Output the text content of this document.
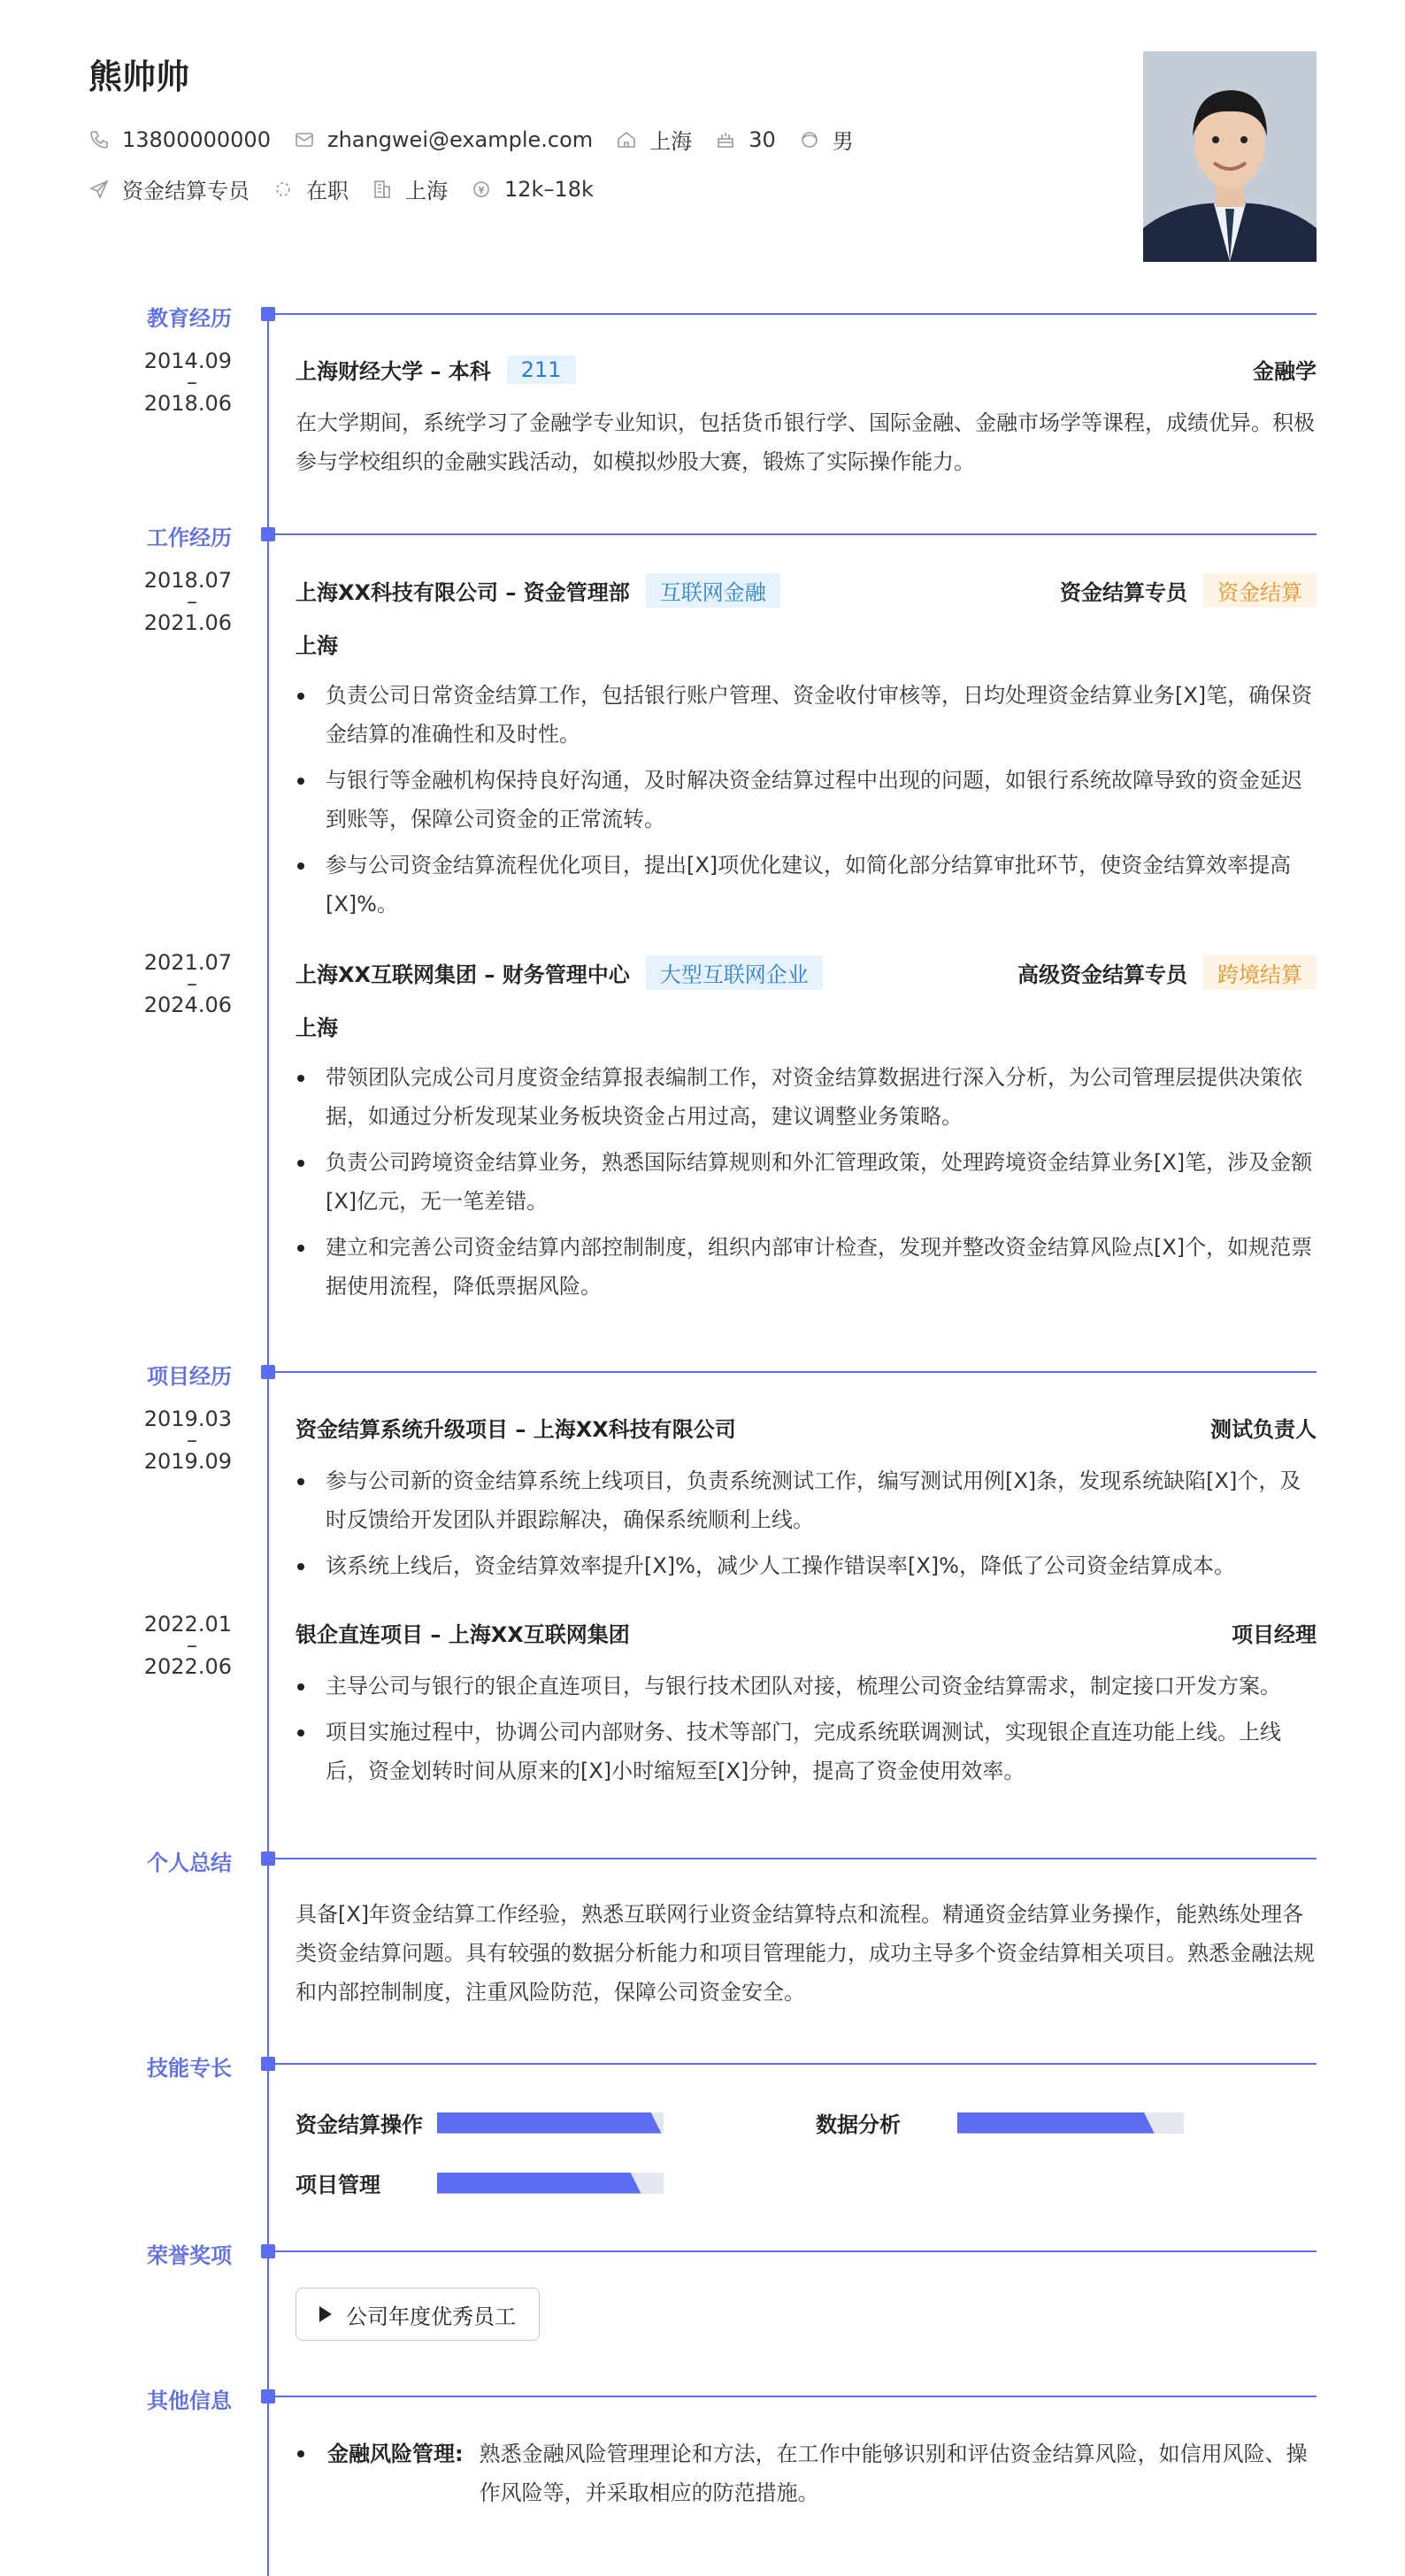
熊帅帅
13800000000	zhangwei@example.com	上海	30	男
资金结算专员	在职	上海	12k–18k
教育经历
2014.09
–
2018.06
上海财经大学 – 本科	211	金融学

在大学期间，系统学习了金融学专业知识，包括货币银行学、国际金融、金融市场学等课程，成绩优异。积极参与学校组织的金融实践活动，如模拟炒股大赛，锻炼了实际操作能力。

工作经历
2018.07
–
2021.06
上海XX科技有限公司 – 资金管理部	互联网金融	资金结算专员	资金结算
上海
负责公司日常资金结算工作，包括银行账户管理、资金收付审核等，日均处理资金结算业务[X]笔，确保资金结算的准确性和及时性。
与银行等金融机构保持良好沟通，及时解决资金结算过程中出现的问题，如银行系统故障导致的资金延迟到账等，保障公司资金的正常流转。
参与公司资金结算流程优化项目，提出[X]项优化建议，如简化部分结算审批环节，使资金结算效率提高[X]%。
2021.07
–
2024.06
上海XX互联网集团 – 财务管理中心	大型互联网企业	高级资金结算专员	跨境结算
上海
带领团队完成公司月度资金结算报表编制工作，对资金结算数据进行深入分析，为公司管理层提供决策依据，如通过分析发现某业务板块资金占用过高，建议调整业务策略。
负责公司跨境资金结算业务，熟悉国际结算规则和外汇管理政策，处理跨境资金结算业务[X]笔，涉及金额[X]亿元，无一笔差错。
建立和完善公司资金结算内部控制制度，组织内部审计检查，发现并整改资金结算风险点[X]个，如规范票据使用流程，降低票据风险。
项目经历
2019.03
–
2019.09
资金结算系统升级项目 – 上海XX科技有限公司	测试负责人
参与公司新的资金结算系统上线项目，负责系统测试工作，编写测试用例[X]条，发现系统缺陷[X]个，及时反馈给开发团队并跟踪解决，确保系统顺利上线。
该系统上线后，资金结算效率提升[X]%，减少人工操作错误率[X]%，降低了公司资金结算成本。
2022.01
–
2022.06
银企直连项目 – 上海XX互联网集团	项目经理
主导公司与银行的银企直连项目，与银行技术团队对接，梳理公司资金结算需求，制定接口开发方案。
项目实施过程中，协调公司内部财务、技术等部门，完成系统联调测试，实现银企直连功能上线。上线后，资金划转时间从原来的[X]小时缩短至[X]分钟，提高了资金使用效率。
个人总结

具备[X]年资金结算工作经验，熟悉互联网行业资金结算特点和流程。精通资金结算业务操作，能熟练处理各类资金结算问题。具有较强的数据分析能力和项目管理能力，成功主导多个资金结算相关项目。熟悉金融法规和内部控制制度，注重风险防范，保障公司资金安全。

技能专长
资金结算操作	数据分析
项目管理
荣誉奖项
公司年度优秀员工
其他信息
金融风险管理: 熟悉金融风险管理理论和方法，在工作中能够识别和评估资金结算风险，如信用风险、操作风险等，并采取相应的防范措施。
